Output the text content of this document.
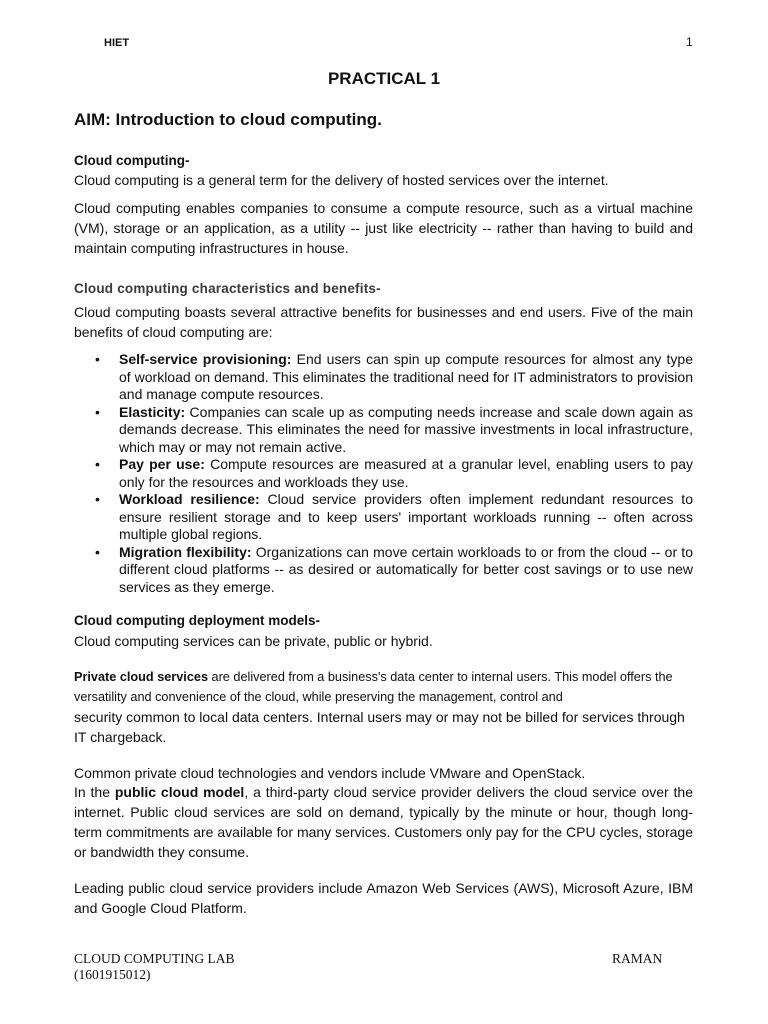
HIET	1
PRACTICAL 1
AIM: Introduction to cloud computing.
Cloud computing-
Cloud computing is a general term for the delivery of hosted services over the internet.
Cloud computing enables companies to consume a compute resource, such as a virtual machine (VM), storage or an application, as a utility -- just like electricity -- rather than having to build and maintain computing infrastructures in house.
Cloud computing characteristics and benefits-
Cloud computing boasts several attractive benefits for businesses and end users. Five of the main benefits of cloud computing are:
• Self-service provisioning: End users can spin up compute resources for almost any type of workload on demand. This eliminates the traditional need for IT administrators to provision and manage compute resources.
• Elasticity: Companies can scale up as computing needs increase and scale down again as demands decrease. This eliminates the need for massive investments in local infrastructure, which may or may not remain active.
• Pay per use: Compute resources are measured at a granular level, enabling users to pay only for the resources and workloads they use.
• Workload resilience: Cloud service providers often implement redundant resources to ensure resilient storage and to keep users' important workloads running -- often across multiple global regions.
• Migration flexibility: Organizations can move certain workloads to or from the cloud -- or to different cloud platforms -- as desired or automatically for better cost savings or to use new services as they emerge.
Cloud computing deployment models-
Cloud computing services can be private, public or hybrid.
Private cloud services are delivered from a business's data center to internal users. This model offers the versatility and convenience of the cloud, while preserving the management, control and
security common to local data centers. Internal users may or may not be billed for services through IT chargeback.
Common private cloud technologies and vendors include VMware and OpenStack.
In the public cloud model, a third-party cloud service provider delivers the cloud service over the internet. Public cloud services are sold on demand, typically by the minute or hour, though long-term commitments are available for many services. Customers only pay for the CPU cycles, storage or bandwidth they consume.
Leading public cloud service providers include Amazon Web Services (AWS), Microsoft Azure, IBM and Google Cloud Platform.
CLOUD COMPUTING LAB	RAMAN
(1601915012)
